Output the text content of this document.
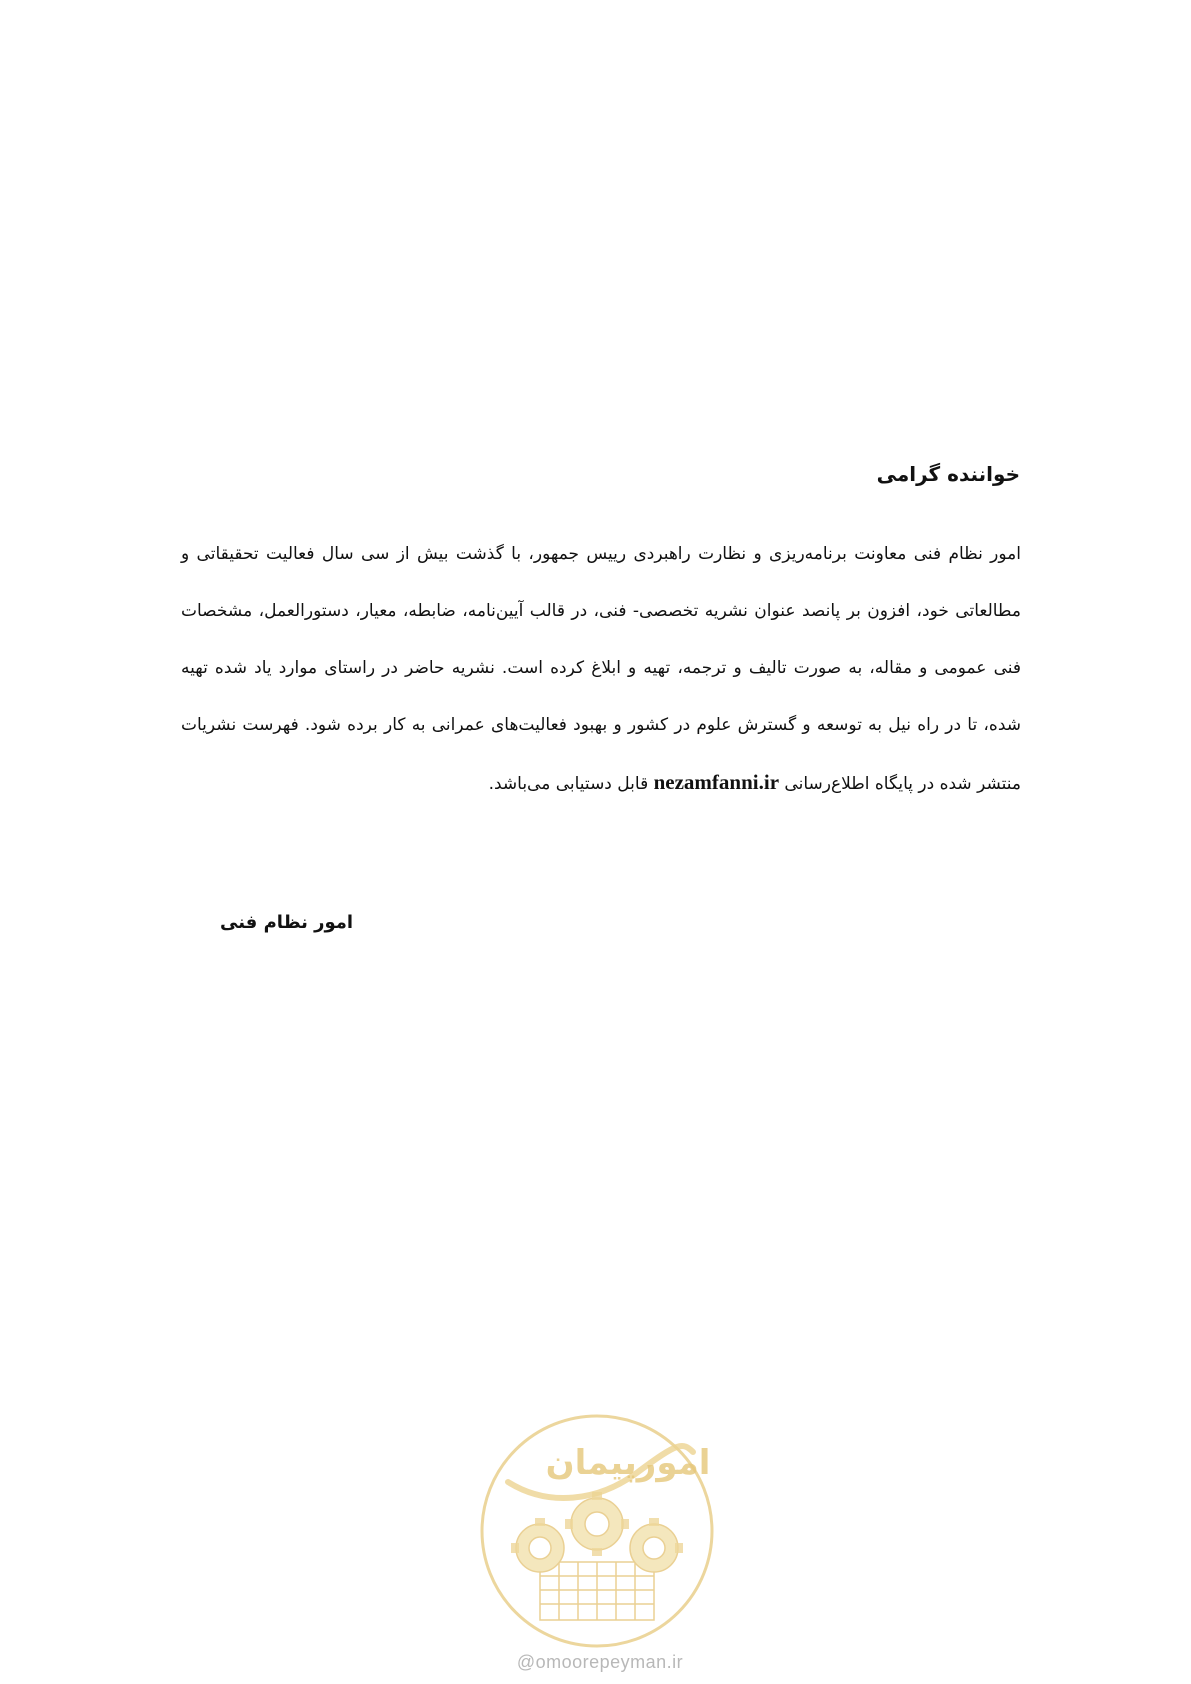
خواننده گرامی
امور نظام فنی معاونت برنامه‌ریزی و نظارت راهبردی رییس جمهور، با گذشت بیش از سی سال فعالیت تحقیقاتی و مطالعاتی خود، افزون بر پانصد عنوان نشریه تخصصی- فنی، در قالب آیین‌نامه، ضابطه، معیار، دستورالعمل، مشخصات فنی عمومی و مقاله، به صورت تالیف و ترجمه، تهیه و ابلاغ کرده است. نشریه حاضر در راستای موارد یاد شده تهیه شده، تا در راه نیل به توسعه و گسترش علوم در کشور و بهبود فعالیت‌های عمرانی به کار برده شود. فهرست نشریات منتشر شده در پایگاه اطلاع‌رسانی nezamfanni.ir قابل دستیابی می‌باشد.
امور نظام فنی
امورپیمان
@omoorepeyman.ir
